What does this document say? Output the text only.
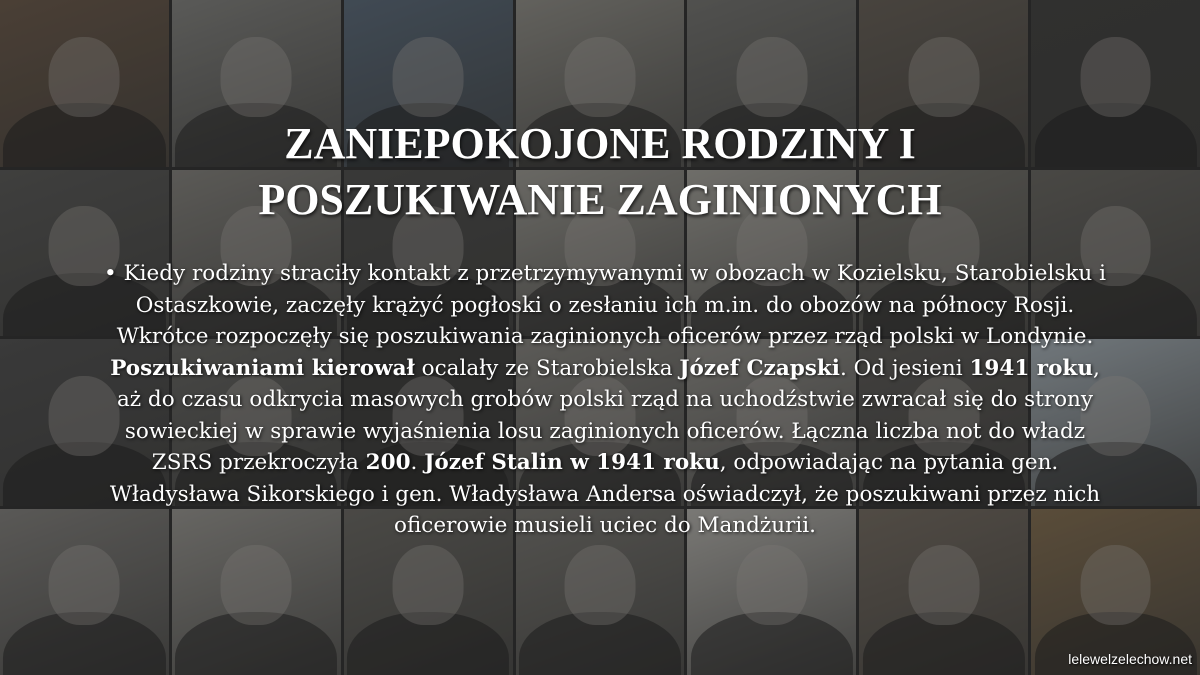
ZANIEPOKOJONE RODZINY I
POSZUKIWANIE ZAGINIONYCH

• Kiedy rodziny straciły kontakt z przetrzymywanymi w obozach w Kozielsku, Starobielsku i Ostaszkowie, zaczęły krążyć pogłoski o zesłaniu ich m.in. do obozów na północy Rosji. Wkrótce rozpoczęły się poszukiwania zaginionych oficerów przez rząd polski w Londynie. Poszukiwaniami kierował ocalały ze Starobielska Józef Czapski. Od jesieni 1941 roku, aż do czasu odkrycia masowych grobów polski rząd na uchodźstwie zwracał się do strony sowieckiej w sprawie wyjaśnienia losu zaginionych oficerów. Łączna liczba not do władz ZSRS przekroczyła 200. Józef Stalin w 1941 roku, odpowiadając na pytania gen. Władysława Sikorskiego i gen. Władysława Andersa oświadczył, że poszukiwani przez nich oficerowie musieli uciec do Mandżurii.

lelewelzelechow.net
